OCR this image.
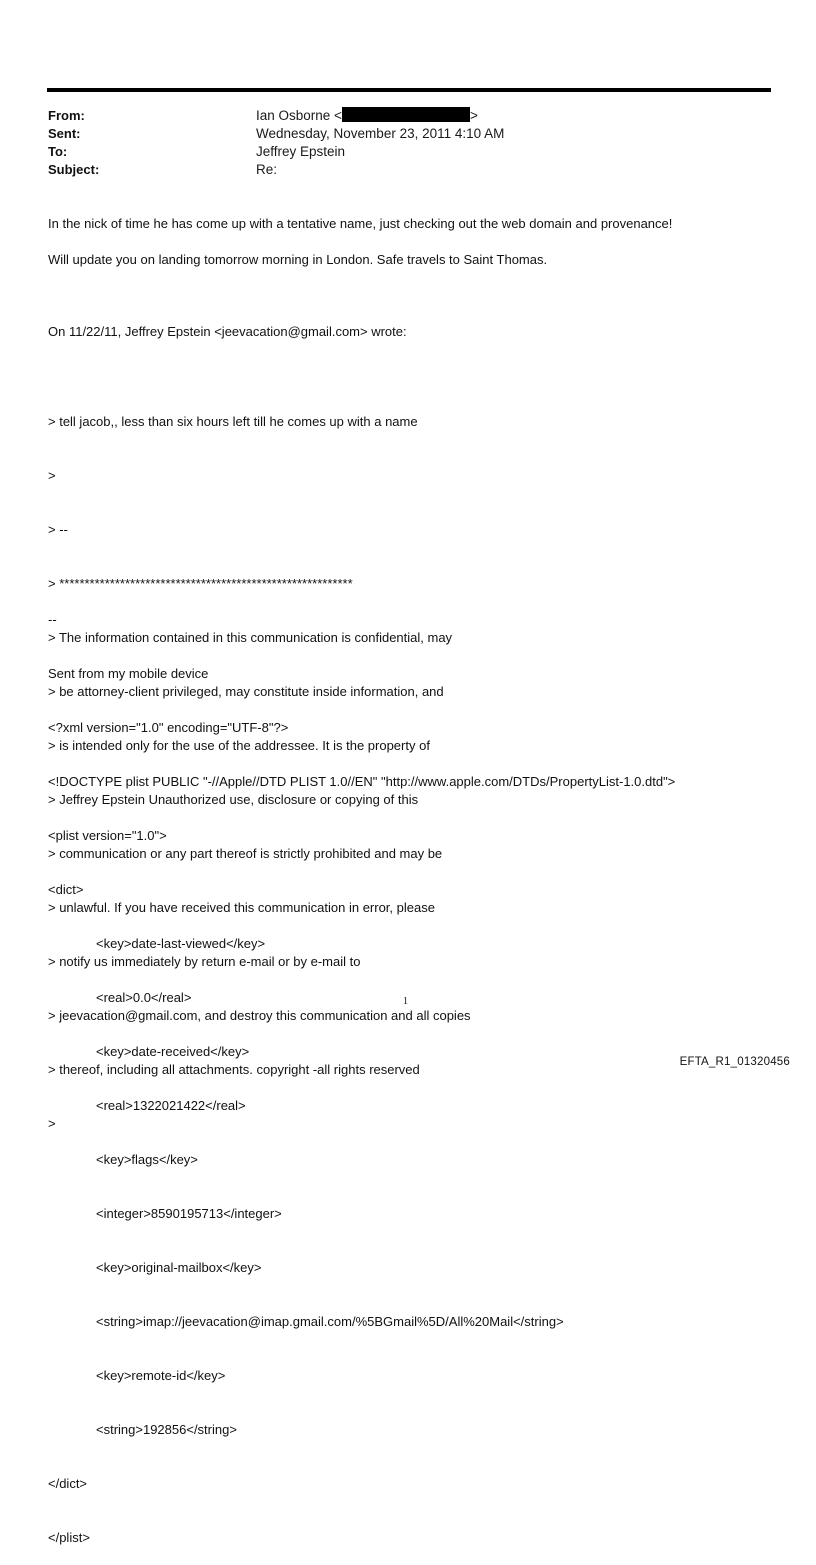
From:	Ian Osborne <	>
Sent:	Wednesday, November 23, 2011 4:10 AM
To:	Jeffrey Epstein
Subject:	Re:
In the nick of time he has come up with a tentative name, just checking out the web domain and provenance!
Will update you on landing tomorrow morning in London. Safe travels to Saint Thomas.

On 11/22/11, Jeffrey Epstein <jeevacation@gmail.com> wrote:

> tell jacob,, less than six hours left till he comes up with a name

>

> --

> **********************************************************

> The information contained in this communication is confidential, may

> be attorney-client privileged, may constitute inside information, and

> is intended only for the use of the addressee. It is the property of

> Jeffrey Epstein Unauthorized use, disclosure or copying of this

> communication or any part thereof is strictly prohibited and may be

> unlawful. If you have received this communication in error, please

> notify us immediately by return e-mail or by e-mail to

> jeevacation@gmail.com, and destroy this communication and all copies

> thereof, including all attachments. copyright -all rights reserved

>

--

Sent from my mobile device

<?xml version="1.0" encoding="UTF-8"?>

<!DOCTYPE plist PUBLIC "-//Apple//DTD PLIST 1.0//EN" "http://www.apple.com/DTDs/PropertyList-1.0.dtd">

<plist version="1.0">

<dict>

<key>date-last-viewed</key>

<real>0.0</real>

<key>date-received</key>

<real>1322021422</real>

<key>flags</key>

<integer>8590195713</integer>

<key>original-mailbox</key>

<string>imap://jeevacation@imap.gmail.com/%5BGmail%5D/All%20Mail</string>

<key>remote-id</key>

<string>192856</string>

</dict>

</plist>

1
EFTA_R1_01320456
